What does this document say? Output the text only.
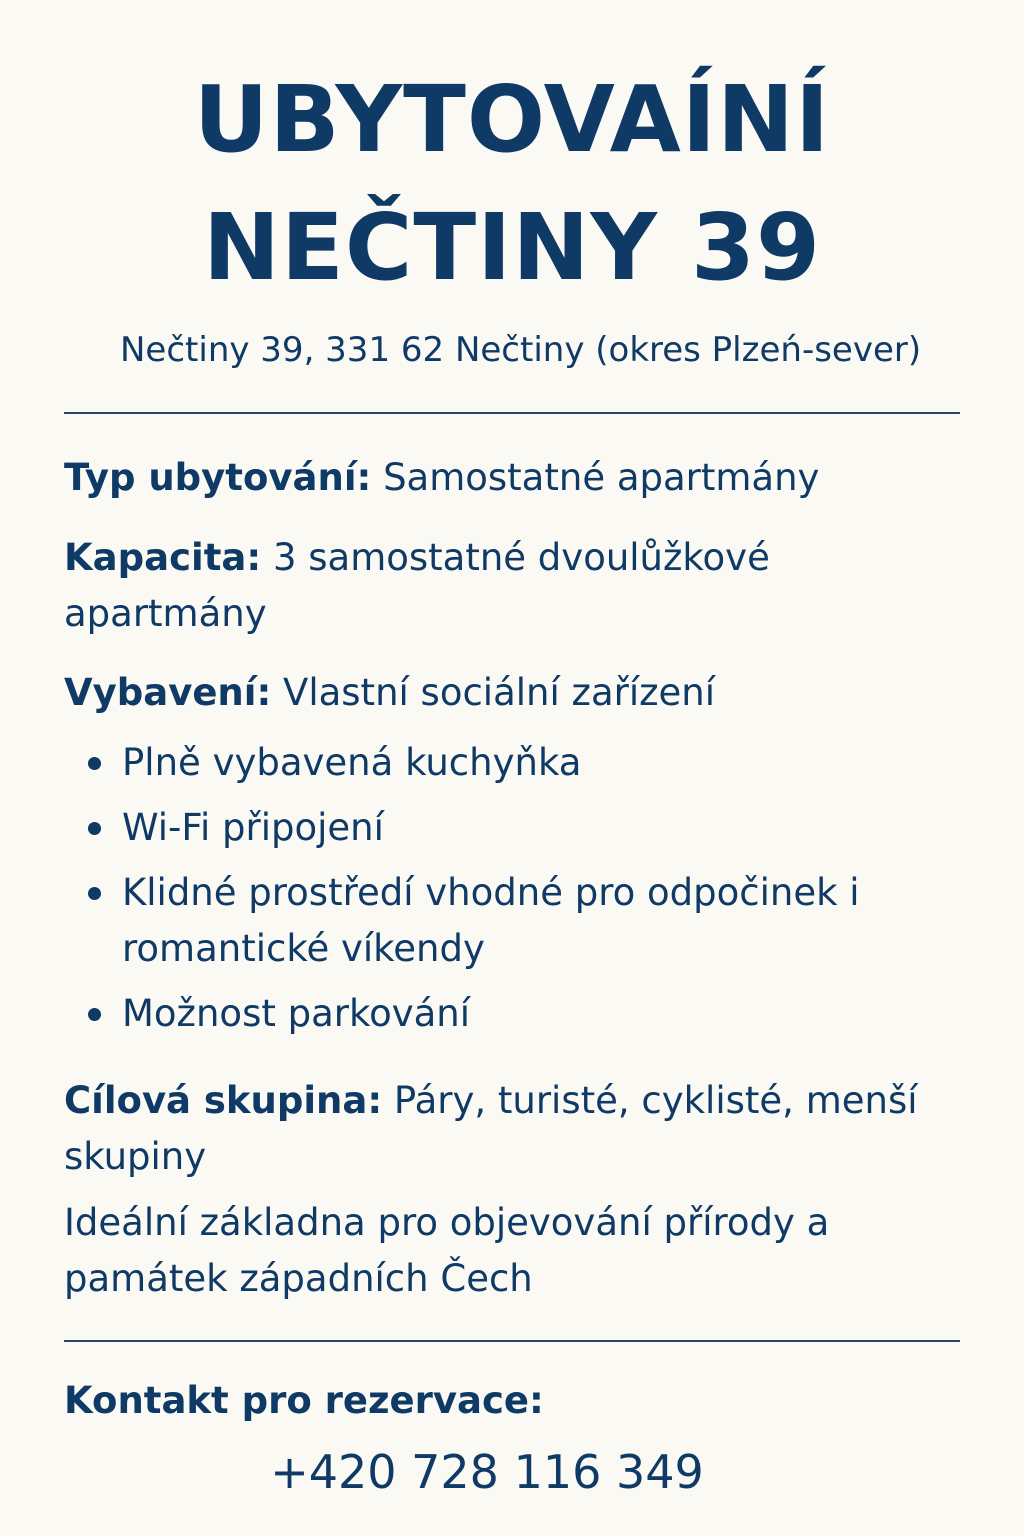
UBYTOVAÍNÍ
NEČTINY 39
Nečtiny 39, 331 62 Nečtiny (okres Plzeń-sever)
Typ ubytování: Samostatné apartmány
Kapacita: 3 samostatné dvoulůžkové apartmány
Vybavení: Vlastní sociální zařízení
Plně vybavená kuchyňka
Wi-Fi připojení
Klidné prostředí vhodné pro odpočinek i romantické víkendy
Možnost parkování
Cílová skupina: Páry, turisté, cyklisté, menší skupiny
Ideální základna pro objevování přírody a památek západních Čech
Kontakt pro rezervace:
+420 728 116 349
